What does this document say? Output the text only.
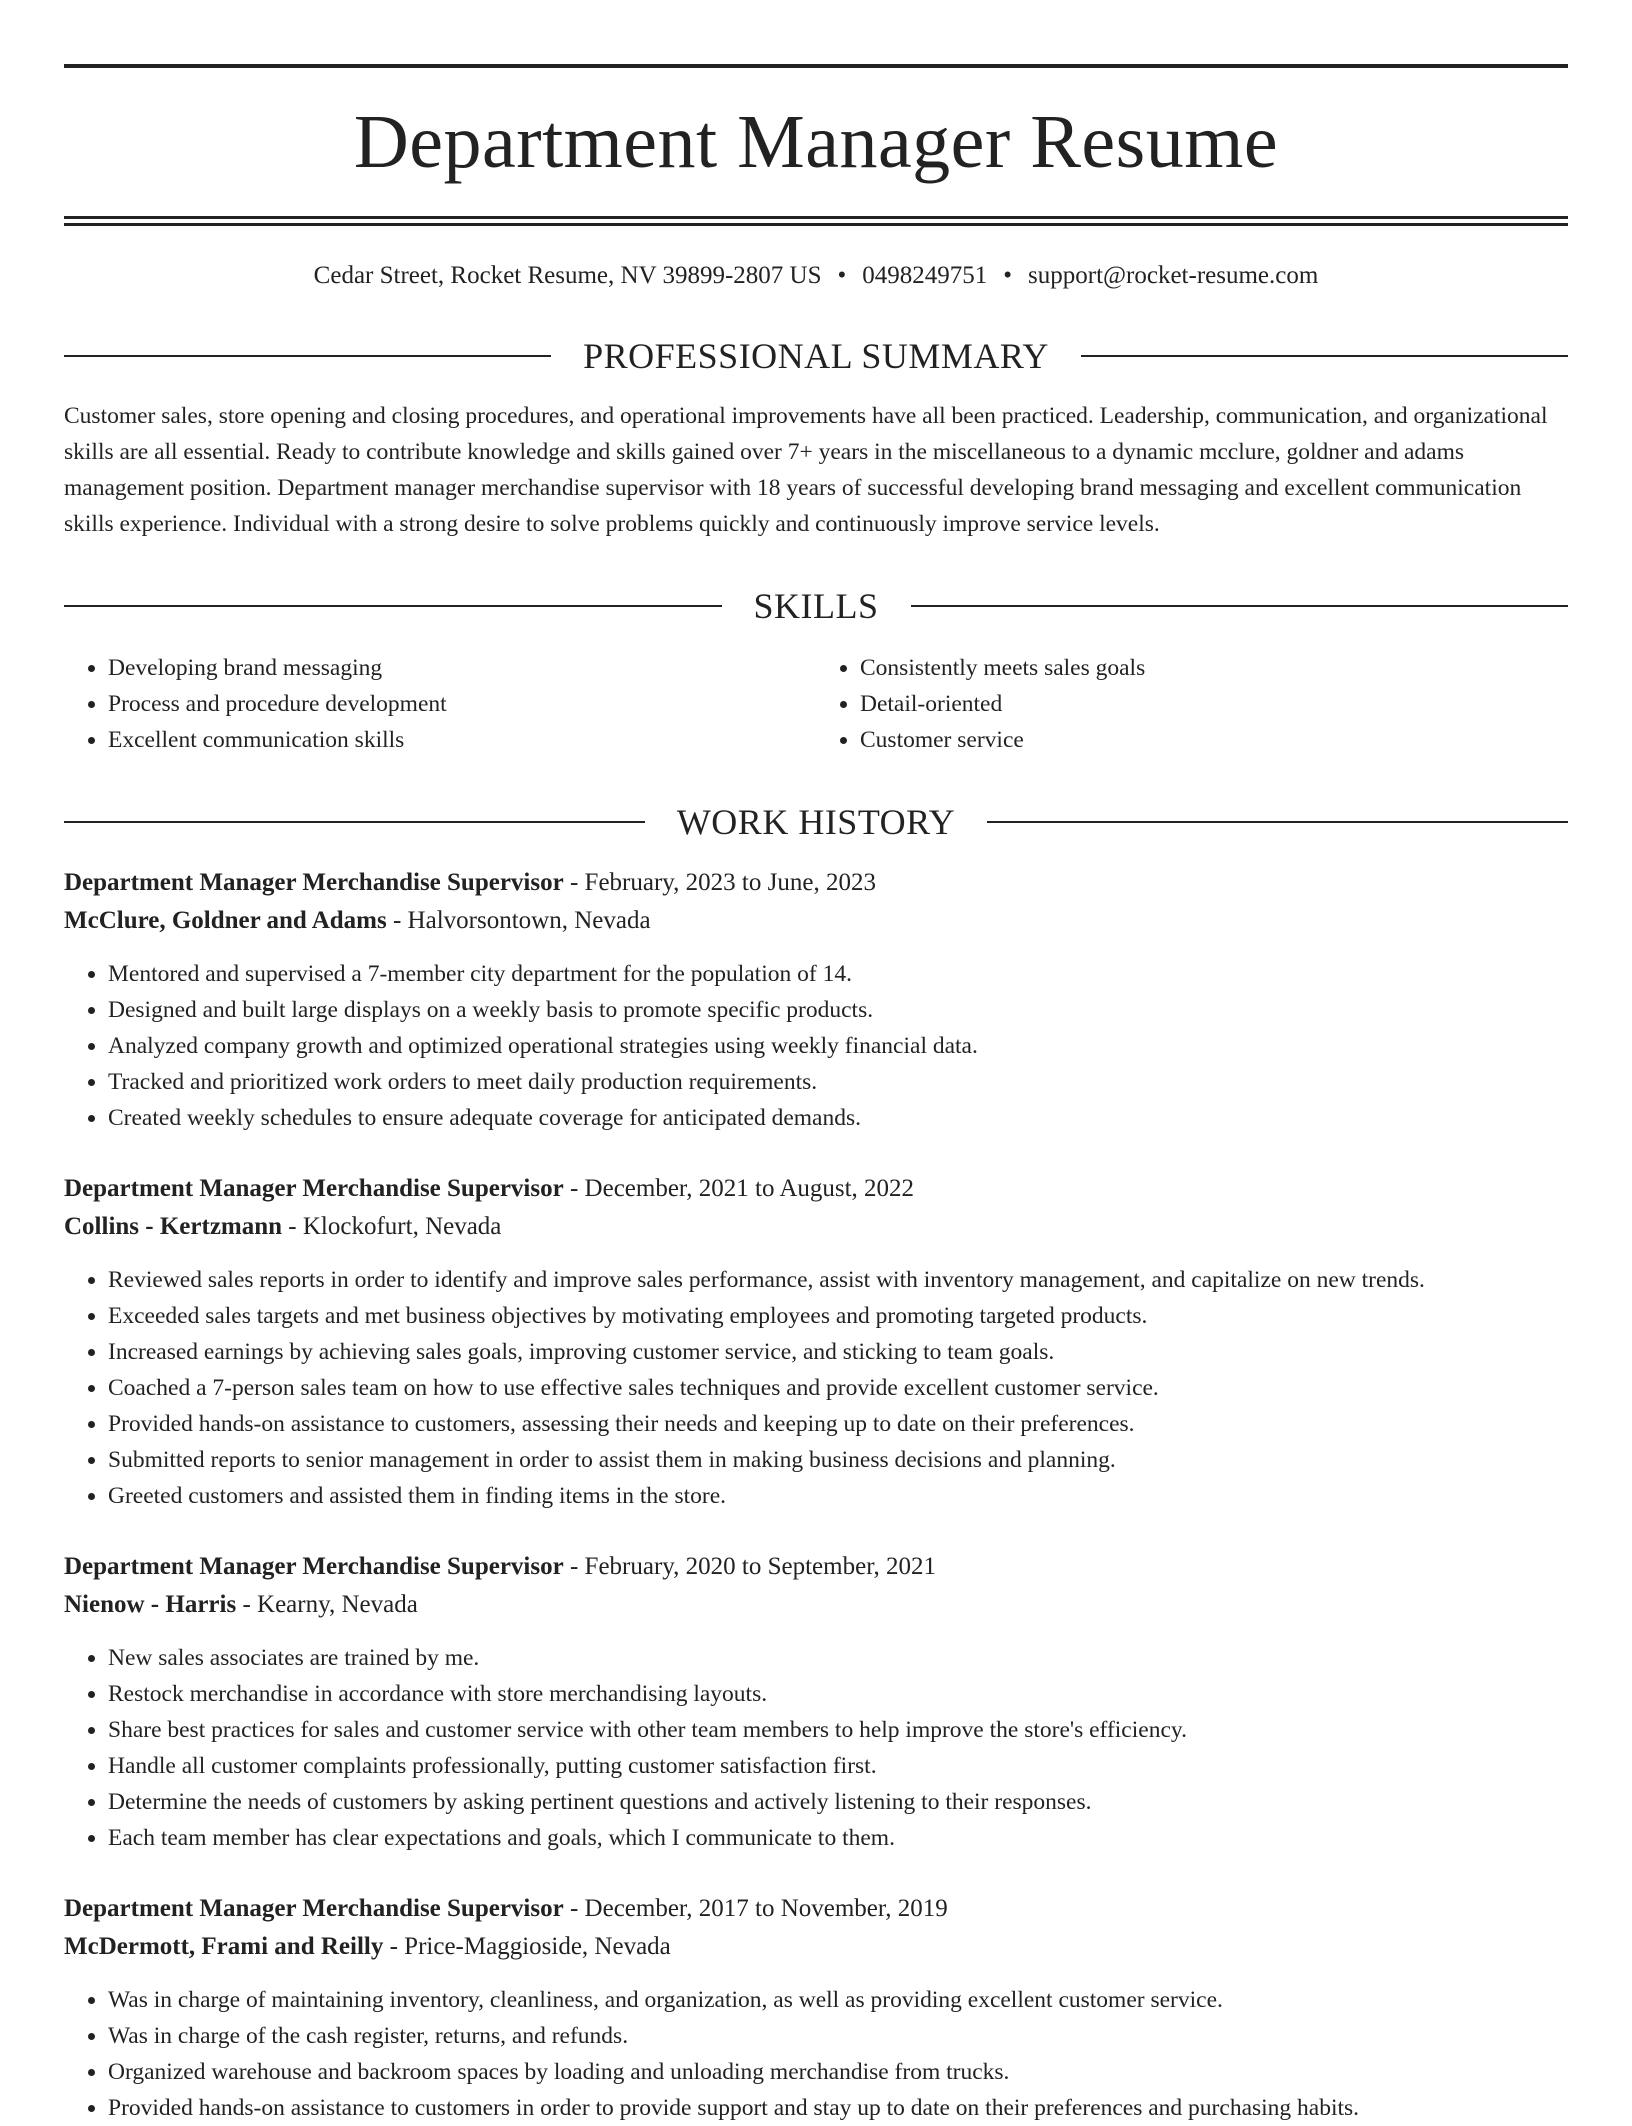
Department Manager Resume
Cedar Street, Rocket Resume, NV 39899-2807 US • 0498249751 • support@rocket-resume.com
PROFESSIONAL SUMMARY
Customer sales, store opening and closing procedures, and operational improvements have all been practiced. Leadership, communication, and organizational skills are all essential. Ready to contribute knowledge and skills gained over 7+ years in the miscellaneous to a dynamic mcclure, goldner and adams management position. Department manager merchandise supervisor with 18 years of successful developing brand messaging and excellent communication skills experience. Individual with a strong desire to solve problems quickly and continuously improve service levels.
SKILLS
• Developing brand messaging
• Process and procedure development
• Excellent communication skills
• Consistently meets sales goals
• Detail-oriented
• Customer service
WORK HISTORY
Department Manager Merchandise Supervisor - February, 2023 to June, 2023
McClure, Goldner and Adams - Halvorsontown, Nevada
• Mentored and supervised a 7-member city department for the population of 14.
• Designed and built large displays on a weekly basis to promote specific products.
• Analyzed company growth and optimized operational strategies using weekly financial data.
• Tracked and prioritized work orders to meet daily production requirements.
• Created weekly schedules to ensure adequate coverage for anticipated demands.
Department Manager Merchandise Supervisor - December, 2021 to August, 2022
Collins - Kertzmann - Klockofurt, Nevada
• Reviewed sales reports in order to identify and improve sales performance, assist with inventory management, and capitalize on new trends.
• Exceeded sales targets and met business objectives by motivating employees and promoting targeted products.
• Increased earnings by achieving sales goals, improving customer service, and sticking to team goals.
• Coached a 7-person sales team on how to use effective sales techniques and provide excellent customer service.
• Provided hands-on assistance to customers, assessing their needs and keeping up to date on their preferences.
• Submitted reports to senior management in order to assist them in making business decisions and planning.
• Greeted customers and assisted them in finding items in the store.
Department Manager Merchandise Supervisor - February, 2020 to September, 2021
Nienow - Harris - Kearny, Nevada
• New sales associates are trained by me.
• Restock merchandise in accordance with store merchandising layouts.
• Share best practices for sales and customer service with other team members to help improve the store's efficiency.
• Handle all customer complaints professionally, putting customer satisfaction first.
• Determine the needs of customers by asking pertinent questions and actively listening to their responses.
• Each team member has clear expectations and goals, which I communicate to them.
Department Manager Merchandise Supervisor - December, 2017 to November, 2019
McDermott, Frami and Reilly - Price-Maggioside, Nevada
• Was in charge of maintaining inventory, cleanliness, and organization, as well as providing excellent customer service.
• Was in charge of the cash register, returns, and refunds.
• Organized warehouse and backroom spaces by loading and unloading merchandise from trucks.
• Provided hands-on assistance to customers in order to provide support and stay up to date on their preferences and purchasing habits.
